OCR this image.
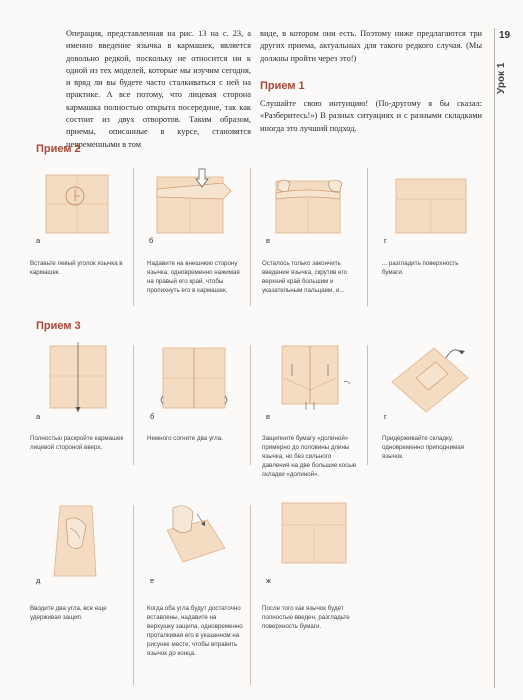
19
Урок 1
Операция, представленная на рис. 13 на с. 23, а именно введение язычка в кармашек, является довольно редкой, поскольку не относится ни к одной из тех моделей, которые мы изучим сегодня, и вряд ли вы будете часто сталкиваться с ней на практике. А все потому, что лицевая сторона кармашка полностью открыта посередине, так как состоит из двух отворотов. Таким образом, приемы, описанные в курсе, становятся непременными в том
виде, в котором они есть. Поэтому ниже предлагаются три других приема, актуальных для такого редкого случая. (Мы должны пройти через это!)
Прием 1
Слушайте свою интуицию! (По-другому я бы сказал: «Разберитесь!») В разных ситуациях и с разными складками иногда это лучший подход.
Прием 2
а	б	в	г
Вставьте левый уголок язычка в кармашек.
Надавите на внешнюю сторону язычка, одновременно нажимая на правый его край, чтобы пропихнуть его в кармашек.
Осталось только закончить введение язычка, скрутив его верхний край большим и указательным пальцами, и...
... разгладить поверхность бумаги.
Прием 3
а	б	в	г
Полностью раскройте кармашек лицевой стороной вверх.
Немного согните два угла.	Защипните бумагу «долиной» примерно до половины длины язычка, но без сильного давления на две большие косые складки «долиной».
Придерживайте складку, одновременно приподнимая язычок.
д	е	ж
Вводите два угла, все еще удерживая защип.
Когда оба угла будут достаточно вставлены, надавите на верхушку защипа, одновременно проталкивая его в указанном на рисунке месте, чтобы вправить язычок до конца.
После того как язычок будет полностью введен, разгладьте поверхность бумаги.
